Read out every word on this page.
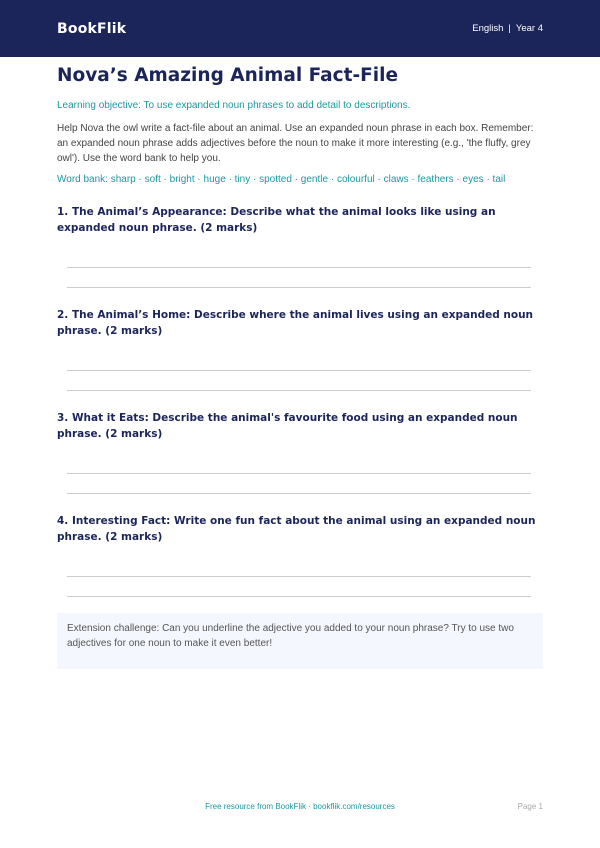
BookFlik	English | Year 4
Nova’s Amazing Animal Fact-File

Learning objective: To use expanded noun phrases to add detail to descriptions.

Help Nova the owl write a fact-file about an animal. Use an expanded noun phrase in each box. Remember: an expanded noun phrase adds adjectives before the noun to make it more interesting (e.g., 'the fluffy, grey owl'). Use the word bank to help you.

Word bank: sharp · soft · bright · huge · tiny · spotted · gentle · colourful · claws · feathers · eyes · tail

1. The Animal’s Appearance: Describe what the animal looks like using an expanded noun phrase. (2 marks)

2. The Animal’s Home: Describe where the animal lives using an expanded noun phrase. (2 marks)

3. What it Eats: Describe the animal's favourite food using an expanded noun phrase. (2 marks)

4. Interesting Fact: Write one fun fact about the animal using an expanded noun phrase. (2 marks)

Extension challenge: Can you underline the adjective you added to your noun phrase? Try to use two adjectives for one noun to make it even better!
Free resource from BookFlik · bookflik.com/resources	Page 1
